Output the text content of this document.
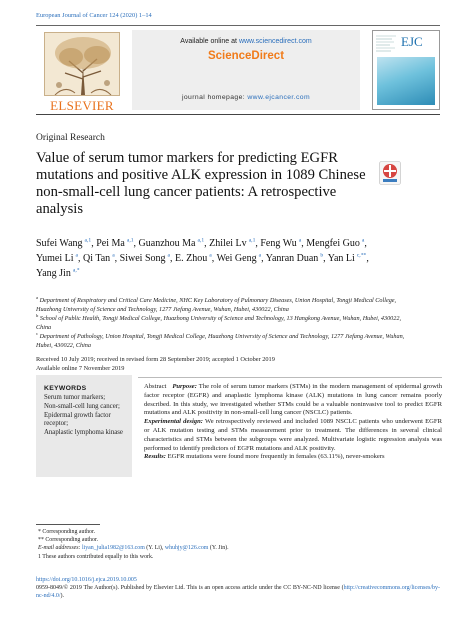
European Journal of Cancer 124 (2020) 1–14
ELSEVIER
Available online at www.sciencedirect.com
ScienceDirect
journal homepage: www.ejcancer.com
EJC
Original Research
Value of serum tumor markers for predicting EGFR mutations and positive ALK expression in 1089 Chinese non-small-cell lung cancer patients: A retrospective analysis
Sufei Wang  $^{a,1}$, Pei Ma  $^{a,1}$, Guanzhou Ma  $^{a,1}$, Zhilei Lv  $^{a,1}$, Feng Wu  $^a$, Mengfei Guo  $^a$, Yumei Li  $^a$, Qi Tan  $^a$, Siwei Song  $^a$, E. Zhou  $^a$, Wei Geng  $^a$, Yanran Duan  $^b$, Yan Li  $^{c,**}$, Yang Jin  $^{a,*}$

$^a$ Department of Respiratory and Critical Care Medicine, NHC Key Laboratory of Pulmonary Diseases, Union Hospital, Tongji Medical College, Huazhong University of Science and Technology, 1277 Jiefang Avenue, Wuhan, Hubei, 430022, China

$^b$ School of Public Health, Tongji Medical College, Huazhong University of Science and Technology, 13 Hangkong Avenue, Wuhan, Hubei, 430022, China

$^c$ Department of Pathology, Union Hospital, Tongji Medical College, Huazhong University of Science and Technology, 1277 Jiefang Avenue, Wuhan, Hubei, 430022, China

Received 10 July 2019; received in revised form 28 September 2019; accepted 1 October 2019
Available online 7 November 2019
KEYWORDS
Serum tumor markers;
Non-small-cell lung cancer;
Epidermal growth factor receptor;
Anaplastic lymphoma kinase
Abstract Purpose: The role of serum tumor markers (STMs) in the modern management of epidermal growth factor receptor (EGFR) and anaplastic lymphoma kinase (ALK) mutations in lung cancer remains poorly described. In this study, we investigated whether STMs could be a valuable noninvasive tool to predict EGFR mutations and ALK positivity in non-small-cell lung cancer (NSCLC) patients.
Experimental design: We retrospectively reviewed and included 1089 NSCLC patients who underwent EGFR or ALK mutation testing and STMs measurement prior to treatment. The differences in several clinical characteristics and STMs between the subgroups were analyzed. Multivariate logistic regression analysis was performed to identify predictors of EGFR mutations and ALK positivity.
Results: EGFR mutations were found more frequently in females (63.11%), never-smokers

* Corresponding author.

** Corresponding author.

E-mail addresses: liyan_julia1982@163.com (Y. Li), whuhjy@126.com (Y. Jin).

1 These authors contributed equally to this work.

https://doi.org/10.1016/j.ejca.2019.10.005
0959-8049/© 2019 The Author(s). Published by Elsevier Ltd. This is an open access article under the CC BY-NC-ND license (http://creativecommons.org/licenses/by-nc-nd/4.0/).
